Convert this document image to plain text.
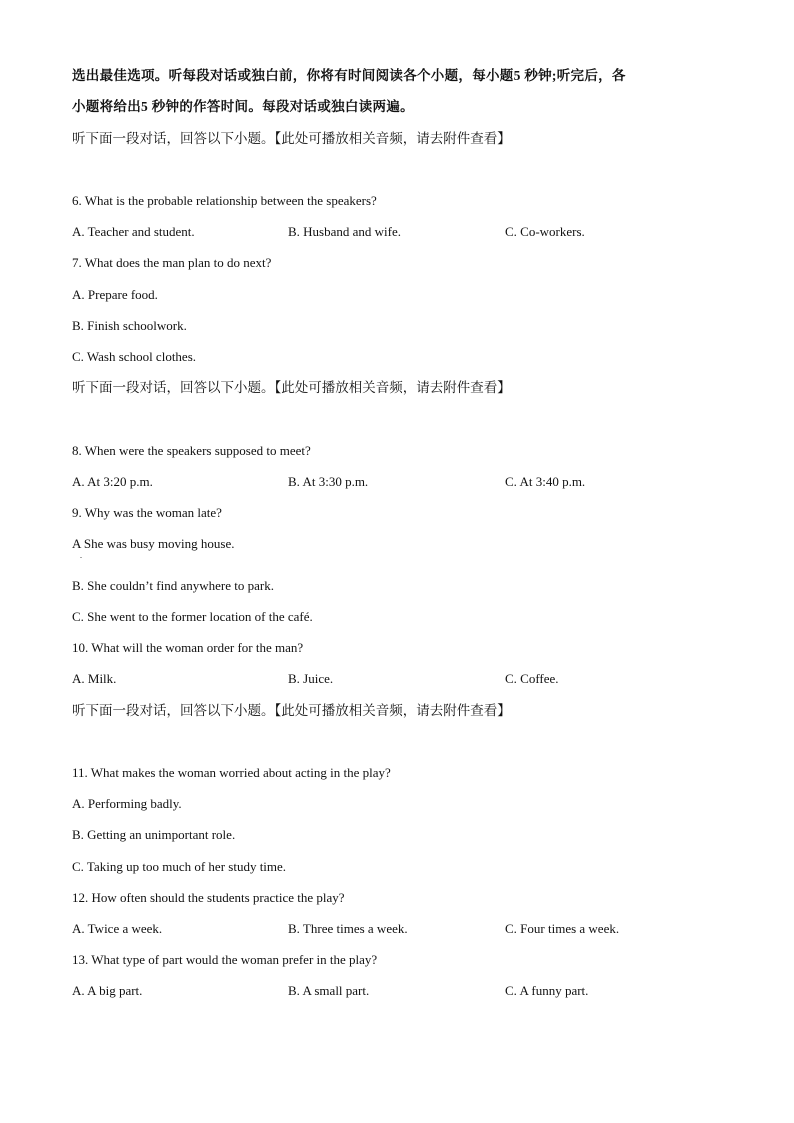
选出最佳选项。听每段对话或独白前，你将有时间阅读各个小题，每小题5 秒钟;听完后，各
小题将给出5 秒钟的作答时间。每段对话或独白读两遍。
听下面一段对话，回答以下小题。【此处可播放相关音频，请去附件查看】
6. What is the probable relationship between the speakers?
A. Teacher and student.	B. Husband and wife.	C. Co-workers.
7. What does the man plan to do next?
A. Prepare food.
B. Finish schoolwork.
C. Wash school clothes.
听下面一段对话，回答以下小题。【此处可播放相关音频，请去附件查看】
8. When were the speakers supposed to meet?
A. At 3:20 p.m.	B. At 3:30 p.m.	C. At 3:40 p.m.
9. Why was the woman late?
A She was busy moving house.
.
B. She couldn’t find anywhere to park.
C. She went to the former location of the café.
10. What will the woman order for the man?
A. Milk.	B. Juice.	C. Coffee.
听下面一段对话，回答以下小题。【此处可播放相关音频，请去附件查看】
11. What makes the woman worried about acting in the play?
A. Performing badly.
B. Getting an unimportant role.
C. Taking up too much of her study time.
12. How often should the students practice the play?
A. Twice a week.	B. Three times a week.	C. Four times a week.
13. What type of part would the woman prefer in the play?
A. A big part.	B. A small part.	C. A funny part.
